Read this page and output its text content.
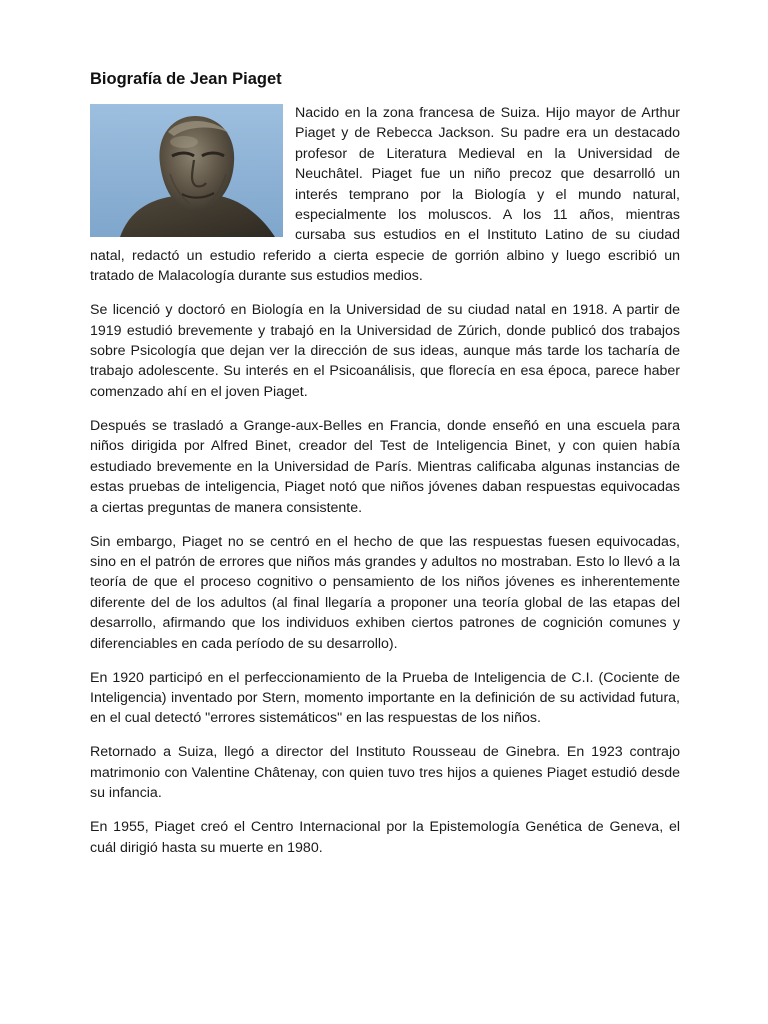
Biografía de Jean Piaget

Nacido en la zona francesa de Suiza. Hijo mayor de Arthur Piaget y de Rebecca Jackson. Su padre era un destacado profesor de Literatura Medieval en la Universidad de Neuchâtel. Piaget fue un niño precoz que desarrolló un interés temprano por la Biología y el mundo natural, especialmente los moluscos. A los 11 años, mientras cursaba sus estudios en el Instituto Latino de su ciudad natal, redactó un estudio referido a cierta especie de gorrión albino y luego escribió un tratado de Malacología durante sus estudios medios.

Se licenció y doctoró en Biología en la Universidad de su ciudad natal en 1918. A partir de 1919 estudió brevemente y trabajó en la Universidad de Zúrich, donde publicó dos trabajos sobre Psicología que dejan ver la dirección de sus ideas, aunque más tarde los tacharía de trabajo adolescente. Su interés en el Psicoanálisis, que florecía en esa época, parece haber comenzado ahí en el joven Piaget.

Después se trasladó a Grange-aux-Belles en Francia, donde enseñó en una escuela para niños dirigida por Alfred Binet, creador del Test de Inteligencia Binet, y con quien había estudiado brevemente en la Universidad de París. Mientras calificaba algunas instancias de estas pruebas de inteligencia, Piaget notó que niños jóvenes daban respuestas equivocadas a ciertas preguntas de manera consistente.

Sin embargo, Piaget no se centró en el hecho de que las respuestas fuesen equivocadas, sino en el patrón de errores que niños más grandes y adultos no mostraban. Esto lo llevó a la teoría de que el proceso cognitivo o pensamiento de los niños jóvenes es inherentemente diferente del de los adultos (al final llegaría a proponer una teoría global de las etapas del desarrollo, afirmando que los individuos exhiben ciertos patrones de cognición comunes y diferenciables en cada período de su desarrollo).

En 1920 participó en el perfeccionamiento de la Prueba de Inteligencia de C.I. (Cociente de Inteligencia) inventado por Stern, momento importante en la definición de su actividad futura, en el cual detectó "errores sistemáticos" en las respuestas de los niños.

Retornado a Suiza, llegó a director del Instituto Rousseau de Ginebra. En 1923 contrajo matrimonio con Valentine Châtenay, con quien tuvo tres hijos a quienes Piaget estudió desde su infancia.

En 1955, Piaget creó el Centro Internacional por la Epistemología Genética de Geneva, el cuál dirigió hasta su muerte en 1980.
